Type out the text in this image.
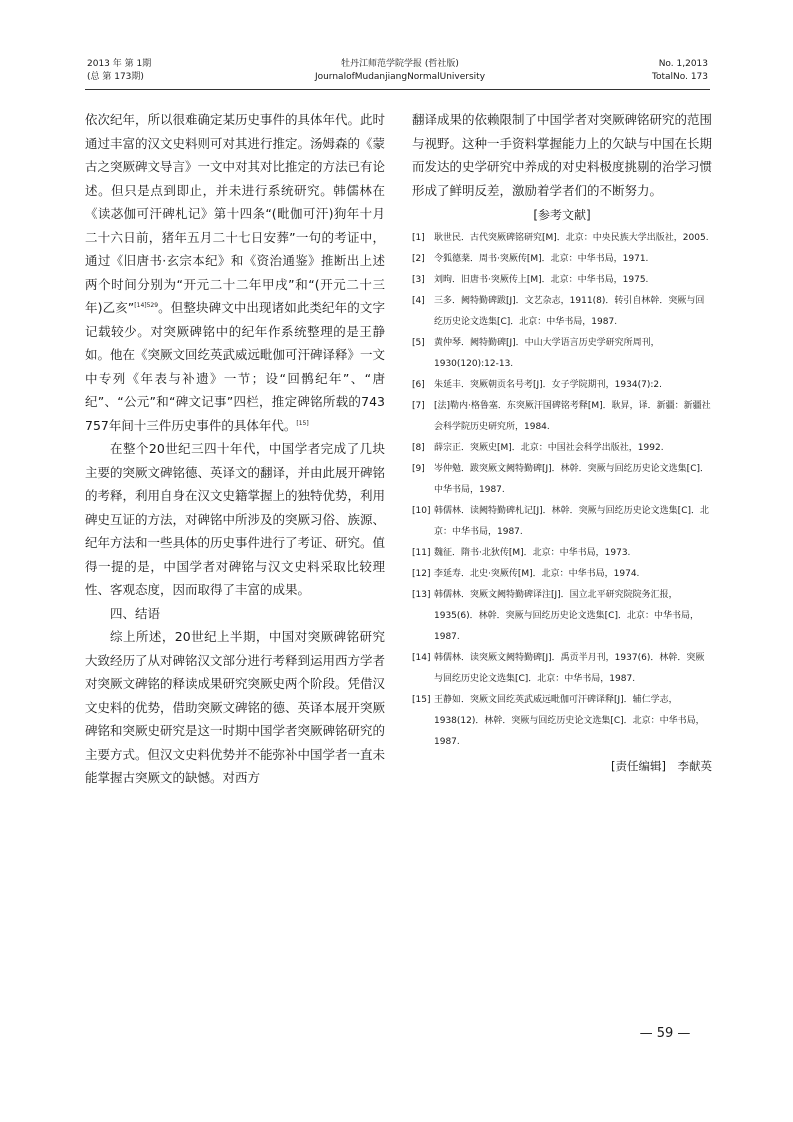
2013 年 第 1期
(总 第 173期)
牡丹江师范学院学报 (哲社版)
JournalofMudanjiangNormalUniversity
No. 1,2013
TotalNo. 173

依次纪年，所以很难确定某历史事件的具体年代。此时通过丰富的汉文史料则可对其进行推定。汤姆森的《蒙古之突厥碑文导言》一文中对其对比推定的方法已有论述。但只是点到即止，并未进行系统研究。韩儒林在《读苾伽可汗碑札记》第十四条“(毗伽可汗)狗年十月二十六日前，猪年五月二十七日安葬”一句的考证中，通过《旧唐书·玄宗本纪》和《资治通鉴》推断出上述两个时间分别为“开元二十二年甲戌”和“(开元二十三年)乙亥”$^{[14]529}$。但整块碑文中出现诸如此类纪年的文字记载较少。对突厥碑铭中的纪年作系统整理的是王静如。他在《突厥文回纥英武威远毗伽可汗碑译释》一文中专列《年表与补遗》一节；设“回鹘纪年”、“唐纪”、“公元”和“碑文记事”四栏，推定碑铭所载的743　　757年间十三件历史事件的具体年代。[15]

在整个20世纪三四十年代，中国学者完成了几块主要的突厥文碑铭德、英译文的翻译，并由此展开碑铭的考释，利用自身在汉文史籍掌握上的独特优势，利用碑史互证的方法，对碑铭中所涉及的突厥习俗、族源、纪年方法和一些具体的历史事件进行了考证、研究。值得一提的是，中国学者对碑铭与汉文史料采取比较理性、客观态度，因而取得了丰富的成果。

四、结语

综上所述，20世纪上半期，中国对突厥碑铭研究大致经历了从对碑铭汉文部分进行考释到运用西方学者对突厥文碑铭的释读成果研究突厥史两个阶段。凭借汉文史料的优势，借助突厥文碑铭的德、英译本展开突厥碑铭和突厥史研究是这一时期中国学者突厥碑铭研究的主要方式。但汉文史料优势并不能弥补中国学者一直未能掌握古突厥文的缺憾。对西方

翻译成果的依赖限制了中国学者对突厥碑铭研究的范围与视野。这种一手资料掌握能力上的欠缺与中国在长期而发达的史学研究中养成的对史料极度挑剔的治学习惯形成了鲜明反差，激励着学者们的不断努力。

[参考文献]
[1] 耿世民．古代突厥碑铭研究[M]．北京：中央民族大学出版社，2005.
[2] 令狐德棻．周书·突厥传[M]．北京：中华书局，1971.
[3] 刘昫．旧唐书·突厥传上[M]．北京：中华书局，1975.
[4] 三多．阙特勤碑跋[J]．文艺杂志，1911(8)．转引自林幹．突厥与回纥历史论文选集[C]．北京：中华书局，1987.
[5] 黄仲琴．阙特勤碑[J]．中山大学语言历史学研究所周刊，1930(120):12-13.
[6] 朱延丰．突厥朝贡名号考[J]．女子学院期刊，1934(7):2.
[7] [法]勒内·格鲁塞．东突厥汗国碑铭考释[M]．耿昇，译．新疆：新疆社会科学院历史研究所，1984.
[8] 薛宗正．突厥史[M]．北京：中国社会科学出版社，1992.
[9] 岑仲勉．跋突厥文阙特勤碑[J]．林幹．突厥与回纥历史论文选集[C]．中华书局，1987.
[10] 韩儒林．读阙特勤碑札记[J]．林幹．突厥与回纥历史论文选集[C]．北京：中华书局，1987.
[11] 魏征．隋书·北狄传[M]．北京：中华书局，1973.
[12] 李延寿．北史·突厥传[M]．北京：中华书局，1974.
[13] 韩儒林．突厥文阙特勤碑译注[J]．国立北平研究院院务汇报，1935(6)．林幹．突厥与回纥历史论文选集[C]．北京：中华书局，1987.
[14] 韩儒林．读突厥文阙特勤碑[J]．禹贡半月刊，1937(6)．林幹．突厥与回纥历史论文选集[C]．北京：中华书局，1987.
[15] 王静如．突厥文回纥英武威远毗伽可汗碑译释[J]．辅仁学志，1938(12)．林幹．突厥与回纥历史论文选集[C]．北京：中华书局，1987.
[责任编辑]　李献英
— 59 —
